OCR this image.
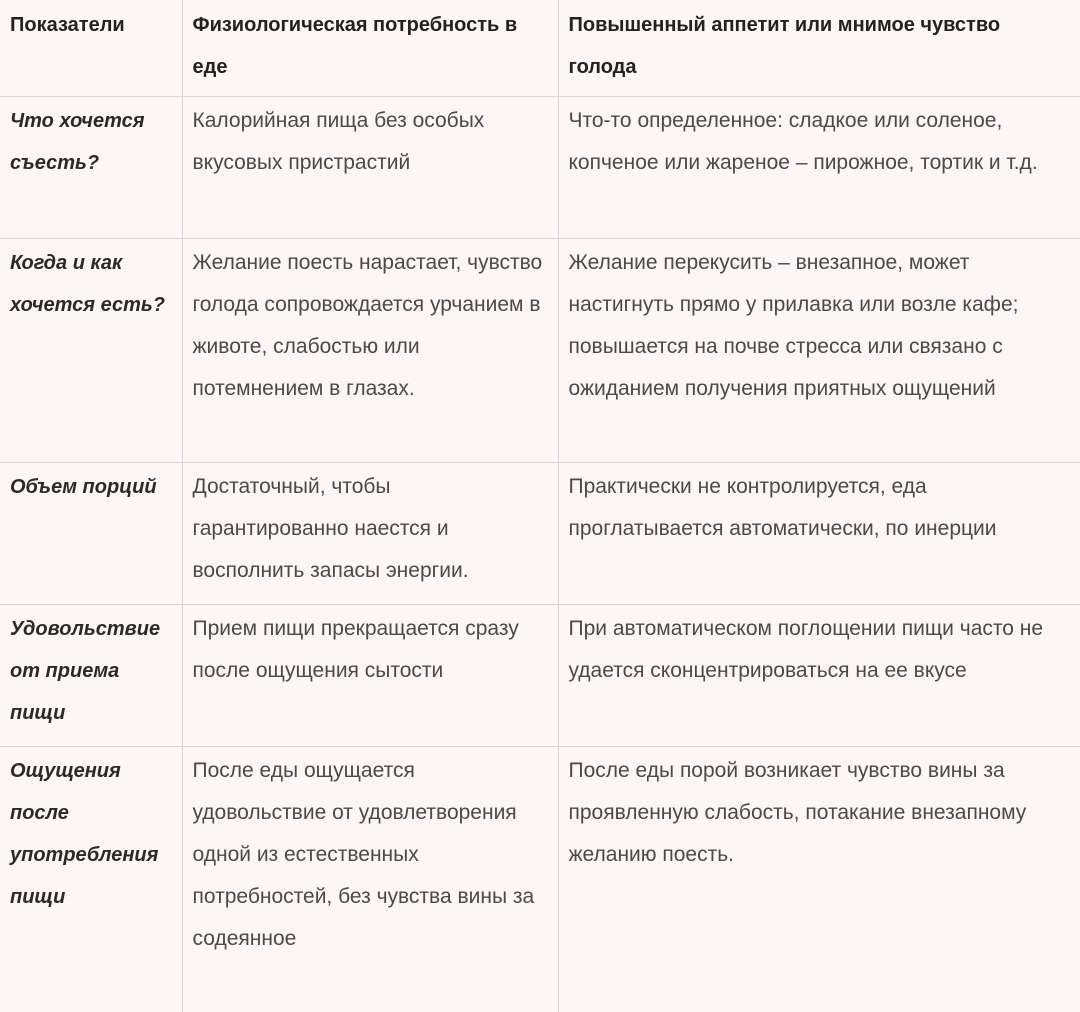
Показатели	Физиологическая потребность в еде	Повышенный аппетит или мнимое чувство голода
Что хочется съесть?	Калорийная пища без особых вкусовых пристрастий	Что-то определенное: сладкое или соленое, копченое или жареное – пирожное, тортик и т.д.
Когда и как хочется есть?	Желание поесть нарастает, чувство голода сопровождается урчанием в животе, слабостью или потемнением в глазах.	Желание перекусить – внезапное, может настигнуть прямо у прилавка или возле кафе; повышается на почве стресса или связано с ожиданием получения приятных ощущений
Объем порций	Достаточный, чтобы гарантированно наестся и восполнить запасы энергии.	Практически не контролируется, еда проглатывается автоматически, по инерции
Удовольствие от приема пищи	Прием пищи прекращается сразу после ощущения сытости	При автоматическом поглощении пищи часто не удается сконцентрироваться на ее вкусе
Ощущения после употребления пищи	После еды ощущается удовольствие от удовлетворения одной из естественных потребностей, без чувства вины за содеянное	После еды порой возникает чувство вины за проявленную слабость, потакание внезапному желанию поесть.
